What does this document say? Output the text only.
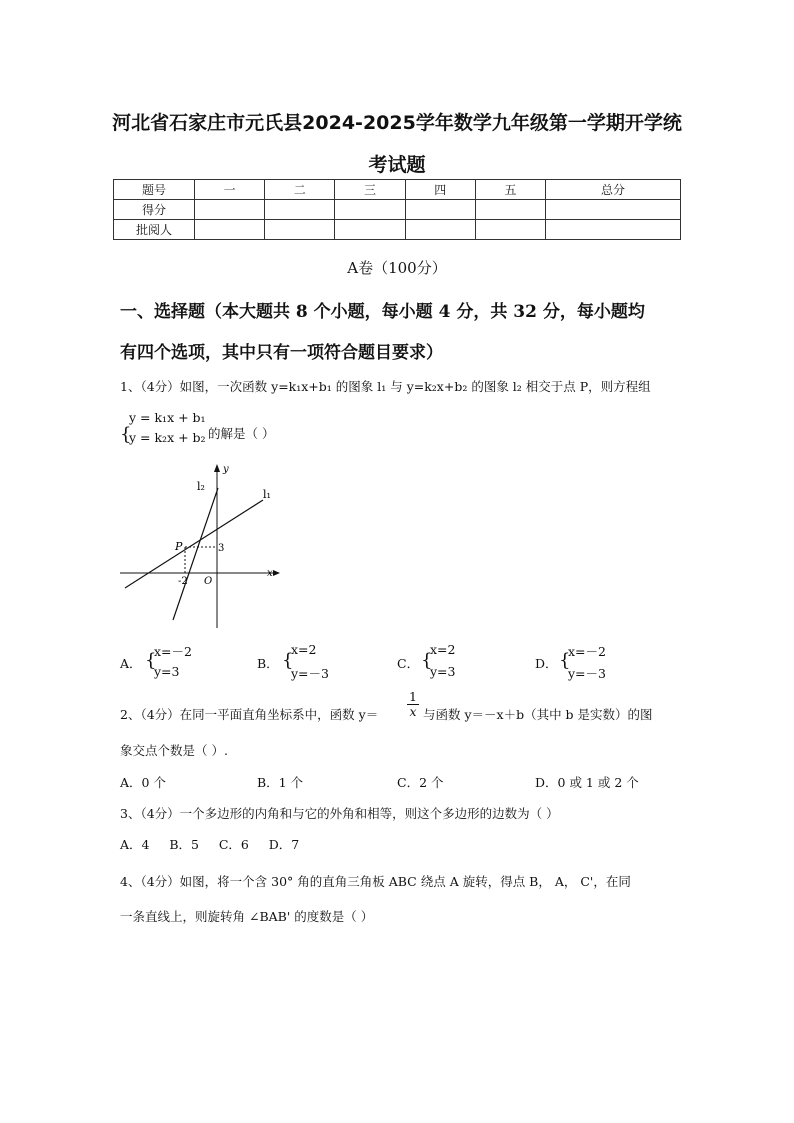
河北省石家庄市元氏县2024-2025学年数学九年级第一学期开学统
考试题
题号	一	二	三	四	五	总分
得分						
批阅人						
A卷（100分）
一、选择题（本大题共 8 个小题，每小题 4 分，共 32 分，每小题均
有四个选项，其中只有一项符合题目要求）
1、（4分）如图，一次函数 y=k₁x+b₁ 的图象 l₁ 与 y=k₂x+b₂ 的图象 l₂ 相交于点 P，则方程组
{
y = k₁x + b₁
y = k₂x + b₂ 的解是（ ）
l₁
l₂
P	3
-2 O
x
y
A． {
x=－2
y=3
B． {
x=2
y=－3
C． {
x=2
y=3
D． {
x=－2
y=－3
2、（4分）在同一平面直角坐标系中，函数 y＝
1
x 与函数 y＝－x＋b（其中 b 是实数）的图
象交点个数是（ ）.
A．0 个	B．1 个	C．2 个	D．0 或 1 或 2 个
3、（4分）一个多边形的内角和与它的外角和相等，则这个多边形的边数为（ ）
A．4     B．5     C．6     D．7
4、（4分）如图，将一个含 30° 角的直角三角板 ABC 绕点 A 旋转，得点 B， A， C'，在同
一条直线上，则旋转角 ∠BAB' 的度数是（ ）
